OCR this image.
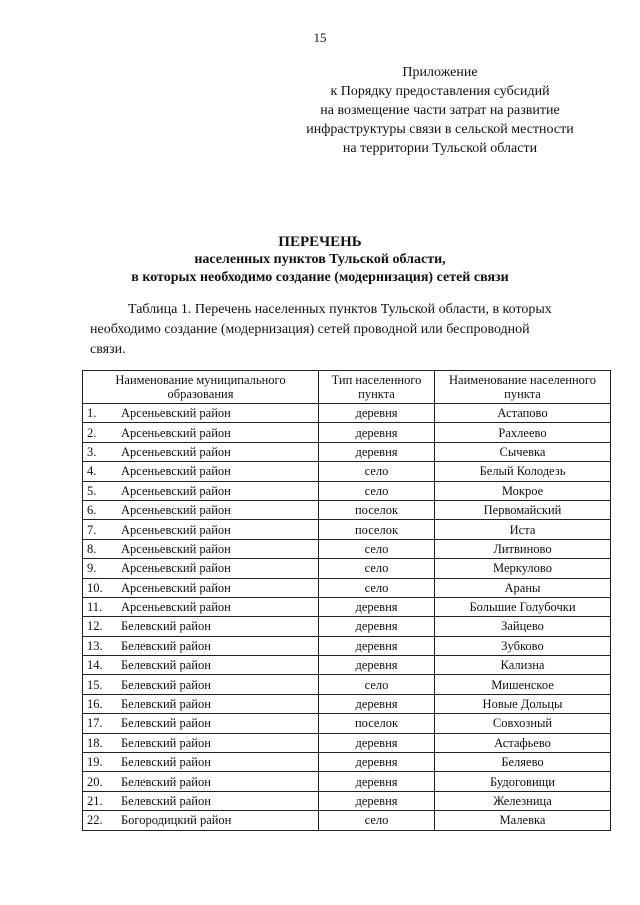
15
Приложение
к Порядку предоставления субсидий
на возмещение части затрат на развитие
инфраструктуры связи в сельской местности
на территории Тульской области
ПЕРЕЧЕНЬ
населенных пунктов Тульской области,
в которых необходимо создание (модернизация) сетей связи
Таблица 1. Перечень населенных пунктов Тульской области, в которых
необходимо создание (модернизация) сетей проводной или беспроводной
связи.
Наименование муниципального образования	Тип населенного пункта	Наименование населенного пункта
1. Арсеньевский район	деревня	Астапово
2. Арсеньевский район	деревня	Рахлеево
3. Арсеньевский район	деревня	Сычевка
4. Арсеньевский район	село	Белый Колодезь
5. Арсеньевский район	село	Мокрое
6. Арсеньевский район	поселок	Первомайский
7. Арсеньевский район	поселок	Иста
8. Арсеньевский район	село	Литвиново
9. Арсеньевский район	село	Меркулово
10. Арсеньевский район	село	Араны
11. Арсеньевский район	деревня	Большие Голубочки
12. Белевский район	деревня	Зайцево
13. Белевский район	деревня	Зубково
14. Белевский район	деревня	Кализна
15. Белевский район	село	Мишенское
16. Белевский район	деревня	Новые Дольцы
17. Белевский район	поселок	Совхозный
18. Белевский район	деревня	Астафьево
19. Белевский район	деревня	Беляево
20. Белевский район	деревня	Будоговищи
21. Белевский район	деревня	Железница
22. Богородицкий район	село	Малевка
